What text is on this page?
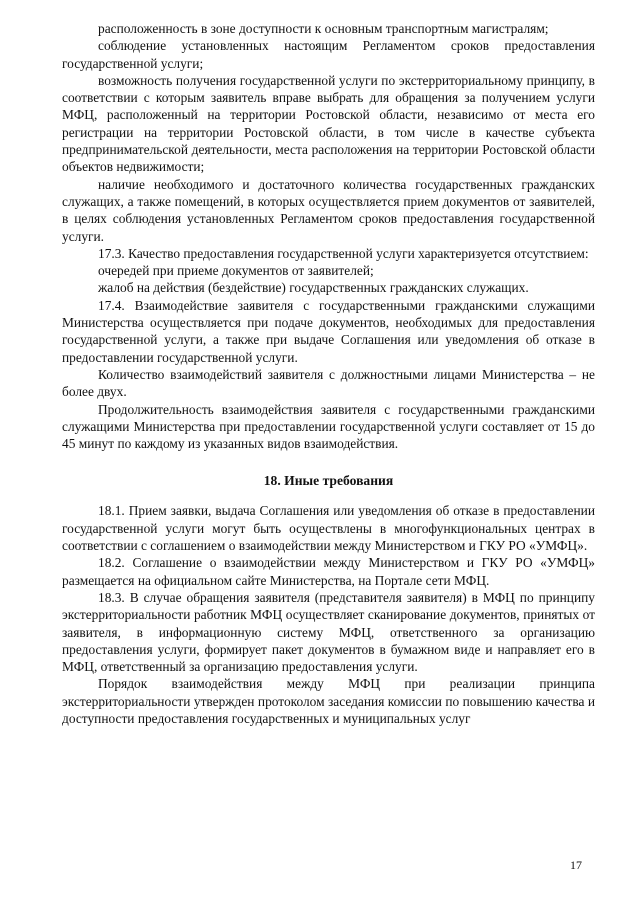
расположенность в зоне доступности к основным транспортным магистралям;

соблюдение установленных настоящим Регламентом сроков предоставления государственной услуги;

возможность получения государственной услуги по экстерриториальному принципу, в соответствии с которым заявитель вправе выбрать для обращения за получением услуги МФЦ, расположенный на территории Ростовской области, независимо от места его регистрации на территории Ростовской области, в том числе в качестве субъекта предпринимательской деятельности, места расположения на территории Ростовской области объектов недвижимости;

наличие необходимого и достаточного количества государственных гражданских служащих, а также помещений, в которых осуществляется прием документов от заявителей, в целях соблюдения установленных Регламентом сроков предоставления государственной услуги.

17.3. Качество предоставления государственной услуги характеризуется отсутствием:

очередей при приеме документов от заявителей;

жалоб на действия (бездействие) государственных гражданских служащих.

17.4. Взаимодействие заявителя с государственными гражданскими служащими Министерства осуществляется при подаче документов, необходимых для предоставления государственной услуги, а также при выдаче Соглашения или уведомления об отказе в предоставлении государственной услуги.

Количество взаимодействий заявителя с должностными лицами Министерства – не более двух.

Продолжительность взаимодействия заявителя с государственными гражданскими служащими Министерства при предоставлении государственной услуги составляет от 15 до 45 минут по каждому из указанных видов взаимодействия.

18. Иные требования

18.1. Прием заявки, выдача Соглашения или уведомления об отказе в предоставлении государственной услуги могут быть осуществлены в многофункциональных центрах в соответствии с соглашением о взаимодействии между Министерством и ГКУ РО «УМФЦ».

18.2. Соглашение о взаимодействии между Министерством и ГКУ РО «УМФЦ» размещается на официальном сайте Министерства, на Портале сети МФЦ.

18.3. В случае обращения заявителя (представителя заявителя) в МФЦ по принципу экстерриториальности работник МФЦ осуществляет сканирование документов, принятых от заявителя, в информационную систему МФЦ, ответственного за организацию предоставления услуги, формирует пакет документов в бумажном виде и направляет его в МФЦ, ответственный за организацию предоставления услуги.

Порядок взаимодействия между МФЦ при реализации принципа экстерриториальности утвержден протоколом заседания комиссии по повышению качества и доступности предоставления государственных и муниципальных услуг

17
